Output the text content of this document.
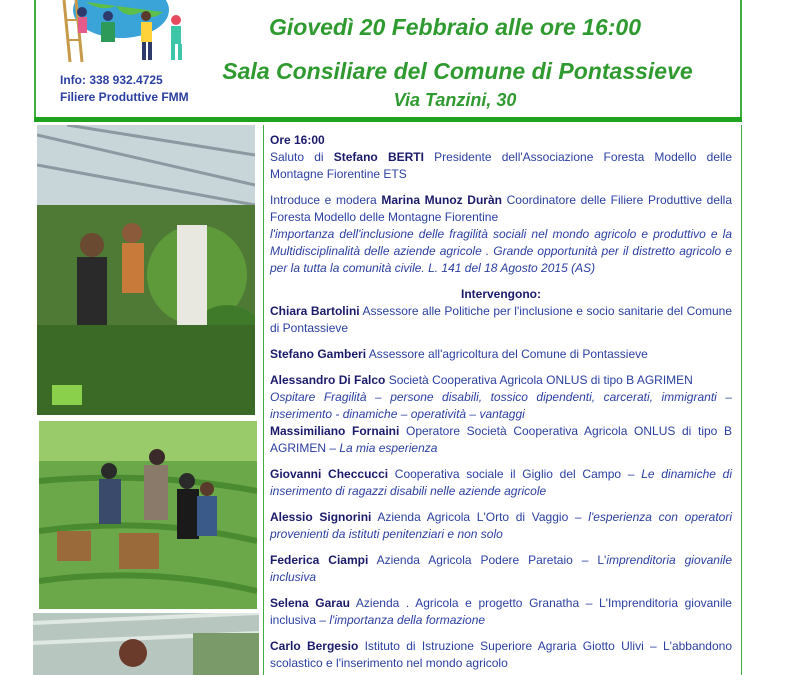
Info: 338 932.4725
Filiere Produttive FMM
Giovedì 20 Febbraio alle ore 16:00
Sala Consiliare del Comune di Pontassieve
Via Tanzini, 30

Ore 16:00

Saluto di Stefano BERTI Presidente dell'Associazione Foresta Modello delle Montagne Fiorentine ETS

Introduce e modera Marina Munoz Duràn Coordinatore delle Filiere Produttive della Foresta Modello delle Montagne Fiorentine

l'importanza dell'inclusione delle fragilità sociali nel mondo agricolo e produttivo e la Multidisciplinalità delle aziende agricole . Grande opportunità per il distretto agricolo e per la tutta la comunità civile. L. 141 del 18 Agosto 2015 (AS)

Intervengono:

Chiara Bartolini Assessore alle Politiche per l'inclusione e socio sanitarie del Comune di Pontassieve

Stefano Gamberi Assessore all'agricoltura del Comune di Pontassieve

Alessandro Di Falco Società Cooperativa Agricola ONLUS di tipo B AGRIMEN

Ospitare Fragilità – persone disabili, tossico dipendenti, carcerati, immigranti – inserimento - dinamiche – operatività – vantaggi

Massimiliano Fornaini Operatore Società Cooperativa Agricola ONLUS di tipo B AGRIMEN – La mia esperienza

Giovanni Checcucci Cooperativa sociale il Giglio del Campo – Le dinamiche di inserimento di ragazzi disabili nelle aziende agricole

Alessio Signorini Azienda Agricola L'Orto di Vaggio – l'esperienza con operatori provenienti da istituti penitenziari e non solo

Federica Ciampi Azienda Agricola Podere Paretaio – L'imprenditoria giovanile inclusiva

Selena Garau Azienda . Agricola e progetto Granatha – L'Imprenditoria giovanile inclusiva – l'importanza della formazione

Carlo Bergesio Istituto di Istruzione Superiore Agraria Giotto Ulivi – L'abbandono scolastico e l'inserimento nel mondo agricolo
